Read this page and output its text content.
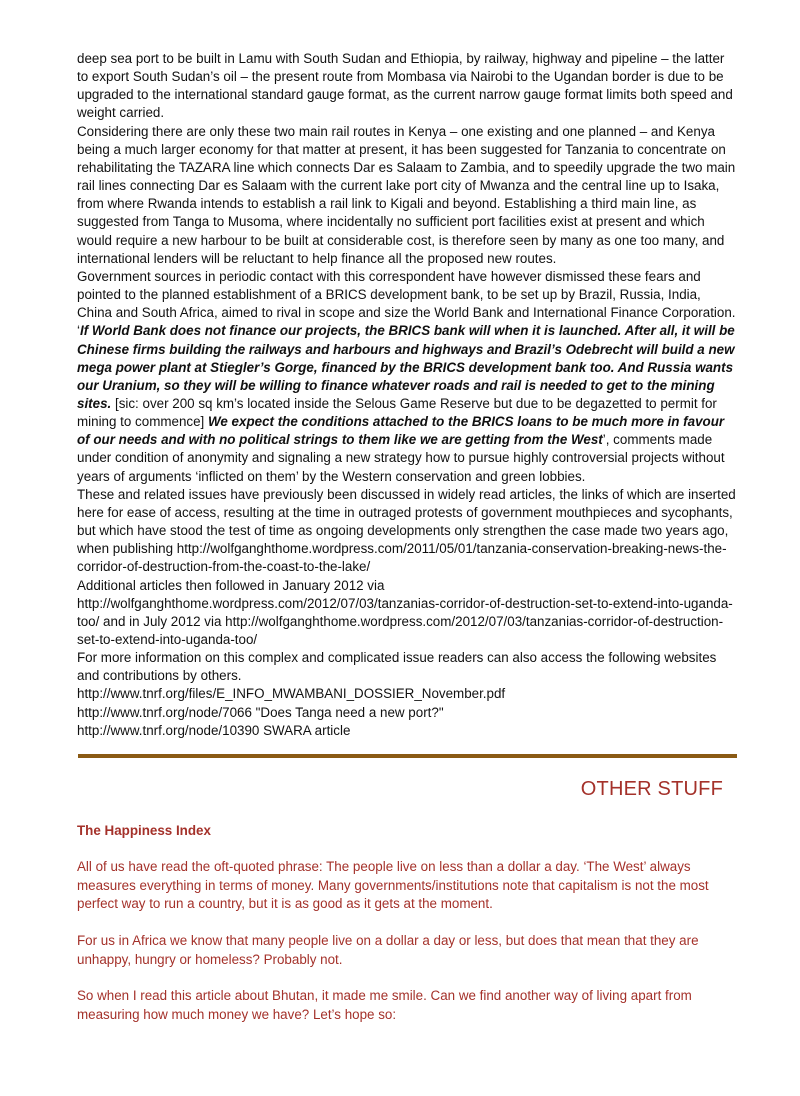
deep sea port to be built in Lamu with South Sudan and Ethiopia, by railway, highway and pipeline – the latter to export South Sudan’s oil – the present route from Mombasa via Nairobi to the Ugandan border is due to be upgraded to the international standard gauge format, as the current narrow gauge format limits both speed and weight carried.

Considering there are only these two main rail routes in Kenya – one existing and one planned – and Kenya being a much larger economy for that matter at present, it has been suggested for Tanzania to concentrate on rehabilitating the TAZARA line which connects Dar es Salaam to Zambia, and to speedily upgrade the two main rail lines connecting Dar es Salaam with the current lake port city of Mwanza and the central line up to Isaka, from where Rwanda intends to establish a rail link to Kigali and beyond. Establishing a third main line, as suggested from Tanga to Musoma, where incidentally no sufficient port facilities exist at present and which would require a new harbour to be built at considerable cost, is therefore seen by many as one too many, and international lenders will be reluctant to help finance all the proposed new routes.

Government sources in periodic contact with this correspondent have however dismissed these fears and pointed to the planned establishment of a BRICS development bank, to be set up by Brazil, Russia, India, China and South Africa, aimed to rival in scope and size the World Bank and International Finance Corporation. ‘If World Bank does not finance our projects, the BRICS bank will when it is launched. After all, it will be Chinese firms building the railways and harbours and highways and Brazil’s Odebrecht will build a new mega power plant at Stiegler’s Gorge, financed by the BRICS development bank too. And Russia wants our Uranium, so they will be willing to finance whatever roads and rail is needed to get to the mining sites. [sic: over 200 sq km’s located inside the Selous Game Reserve but due to be degazetted to permit for mining to commence] We expect the conditions attached to the BRICS loans to be much more in favour of our needs and with no political strings to them like we are getting from the West’, comments made under condition of anonymity and signaling a new strategy how to pursue highly controversial projects without years of arguments ‘inflicted on them’ by the Western conservation and green lobbies.

These and related issues have previously been discussed in widely read articles, the links of which are inserted here for ease of access, resulting at the time in outraged protests of government mouthpieces and sycophants, but which have stood the test of time as ongoing developments only strengthen the case made two years ago, when publishing http://wolfganghthome.wordpress.com/2011/05/01/tanzania-conservation-breaking-news-the-corridor-of-destruction-from-the-coast-to-the-lake/

Additional articles then followed in January 2012 via http://wolfganghthome.wordpress.com/2012/07/03/tanzanias-corridor-of-destruction-set-to-extend-into-uganda-too/ and in July 2012 via http://wolfganghthome.wordpress.com/2012/07/03/tanzanias-corridor-of-destruction-set-to-extend-into-uganda-too/

For more information on this complex and complicated issue readers can also access the following websites and contributions by others.

http://www.tnrf.org/files/E_INFO_MWAMBANI_DOSSIER_November.pdf

http://www.tnrf.org/node/7066 "Does Tanga need a new port?"

http://www.tnrf.org/node/10390 SWARA article

OTHER STUFF
The Happiness Index

All of us have read the oft-quoted phrase: The people live on less than a dollar a day. ‘The West’ always measures everything in terms of money. Many governments/institutions note that capitalism is not the most perfect way to run a country, but it is as good as it gets at the moment.

For us in Africa we know that many people live on a dollar a day or less, but does that mean that they are unhappy, hungry or homeless? Probably not.

So when I read this article about Bhutan, it made me smile. Can we find another way of living apart from measuring how much money we have? Let’s hope so:
